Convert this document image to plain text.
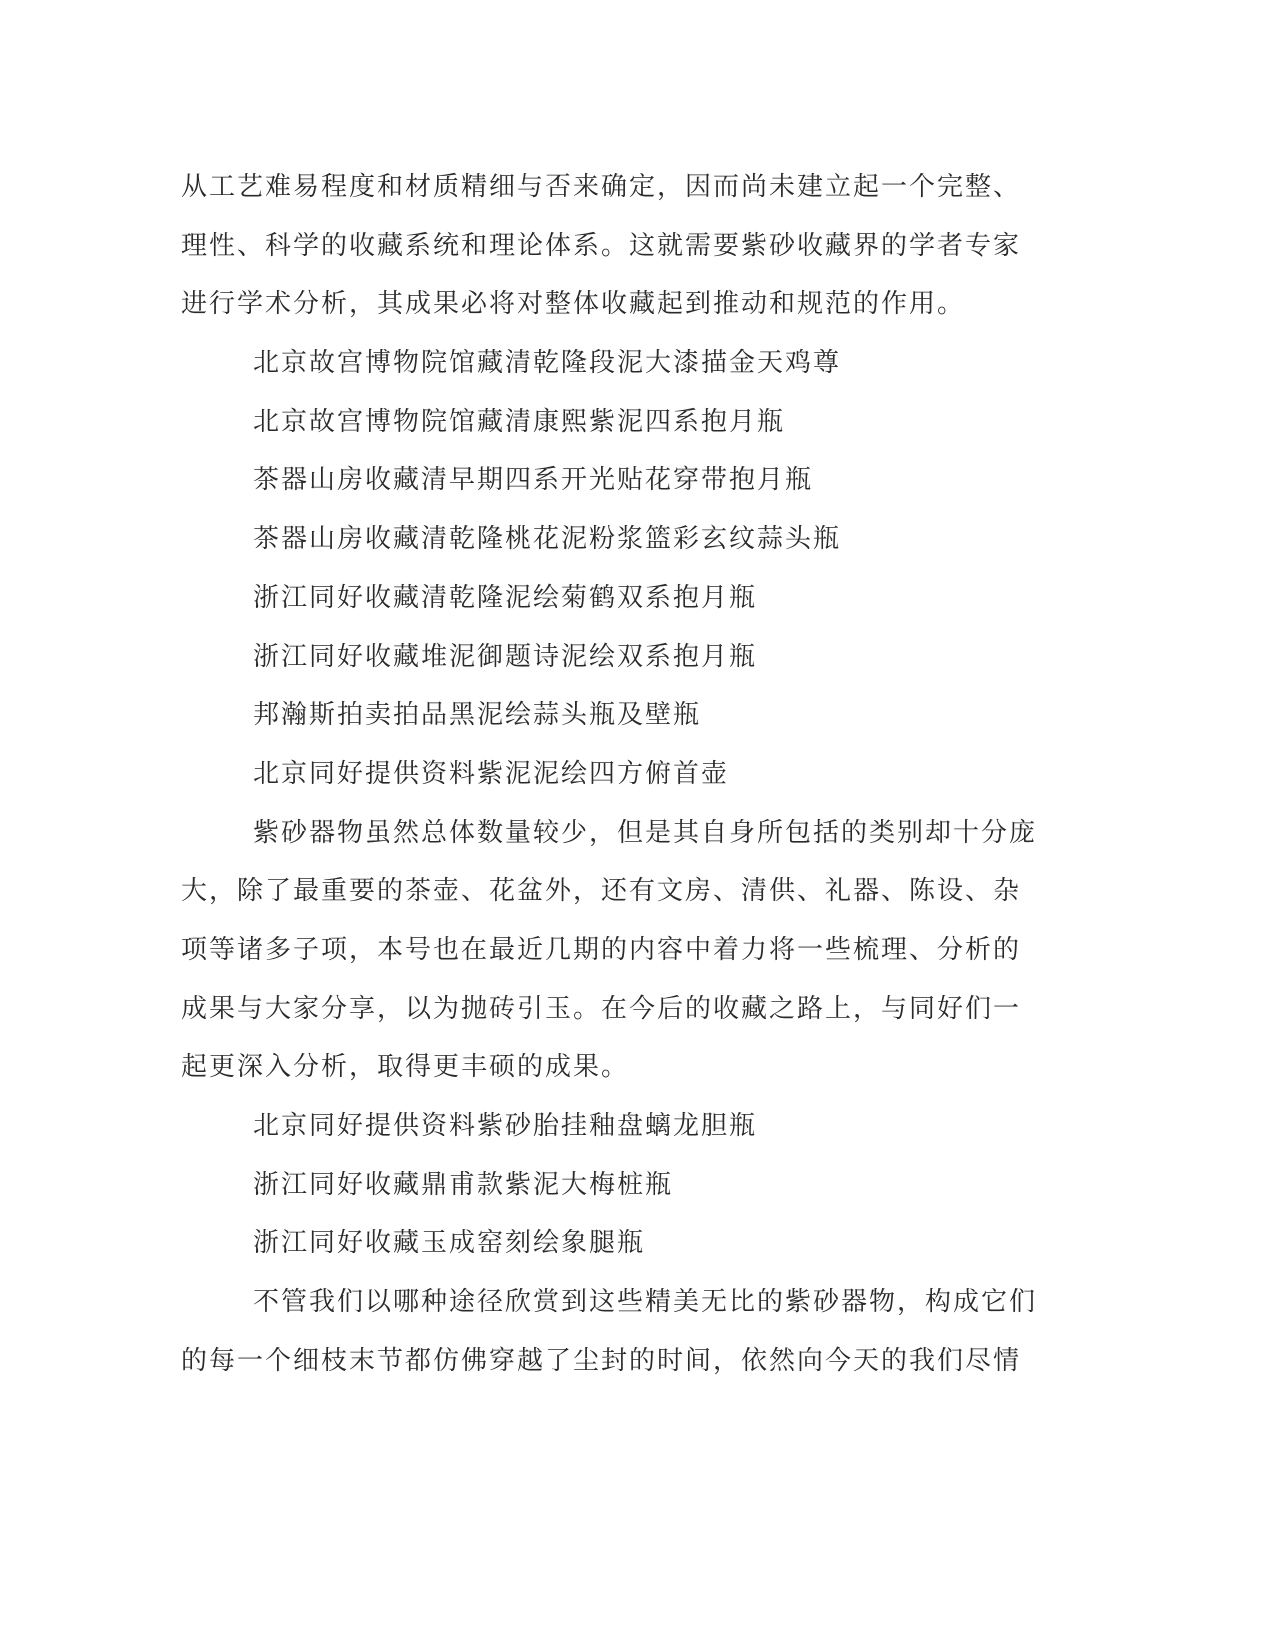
从工艺难易程度和材质精细与否来确定，因而尚未建立起一个完整、
理性、科学的收藏系统和理论体系。这就需要紫砂收藏界的学者专家
进行学术分析，其成果必将对整体收藏起到推动和规范的作用。
北京故宫博物院馆藏清乾隆段泥大漆描金天鸡尊
北京故宫博物院馆藏清康熙紫泥四系抱月瓶
茶器山房收藏清早期四系开光贴花穿带抱月瓶
茶器山房收藏清乾隆桃花泥粉浆篮彩玄纹蒜头瓶
浙江同好收藏清乾隆泥绘菊鹤双系抱月瓶
浙江同好收藏堆泥御题诗泥绘双系抱月瓶
邦瀚斯拍卖拍品黑泥绘蒜头瓶及壁瓶
北京同好提供资料紫泥泥绘四方俯首壶
紫砂器物虽然总体数量较少，但是其自身所包括的类别却十分庞
大，除了最重要的茶壶、花盆外，还有文房、清供、礼器、陈设、杂
项等诸多子项，本号也在最近几期的内容中着力将一些梳理、分析的
成果与大家分享，以为抛砖引玉。在今后的收藏之路上，与同好们一
起更深入分析，取得更丰硕的成果。
北京同好提供资料紫砂胎挂釉盘螭龙胆瓶
浙江同好收藏鼎甫款紫泥大梅桩瓶
浙江同好收藏玉成窑刻绘象腿瓶
不管我们以哪种途径欣赏到这些精美无比的紫砂器物，构成它们
的每一个细枝末节都仿佛穿越了尘封的时间，依然向今天的我们尽情
